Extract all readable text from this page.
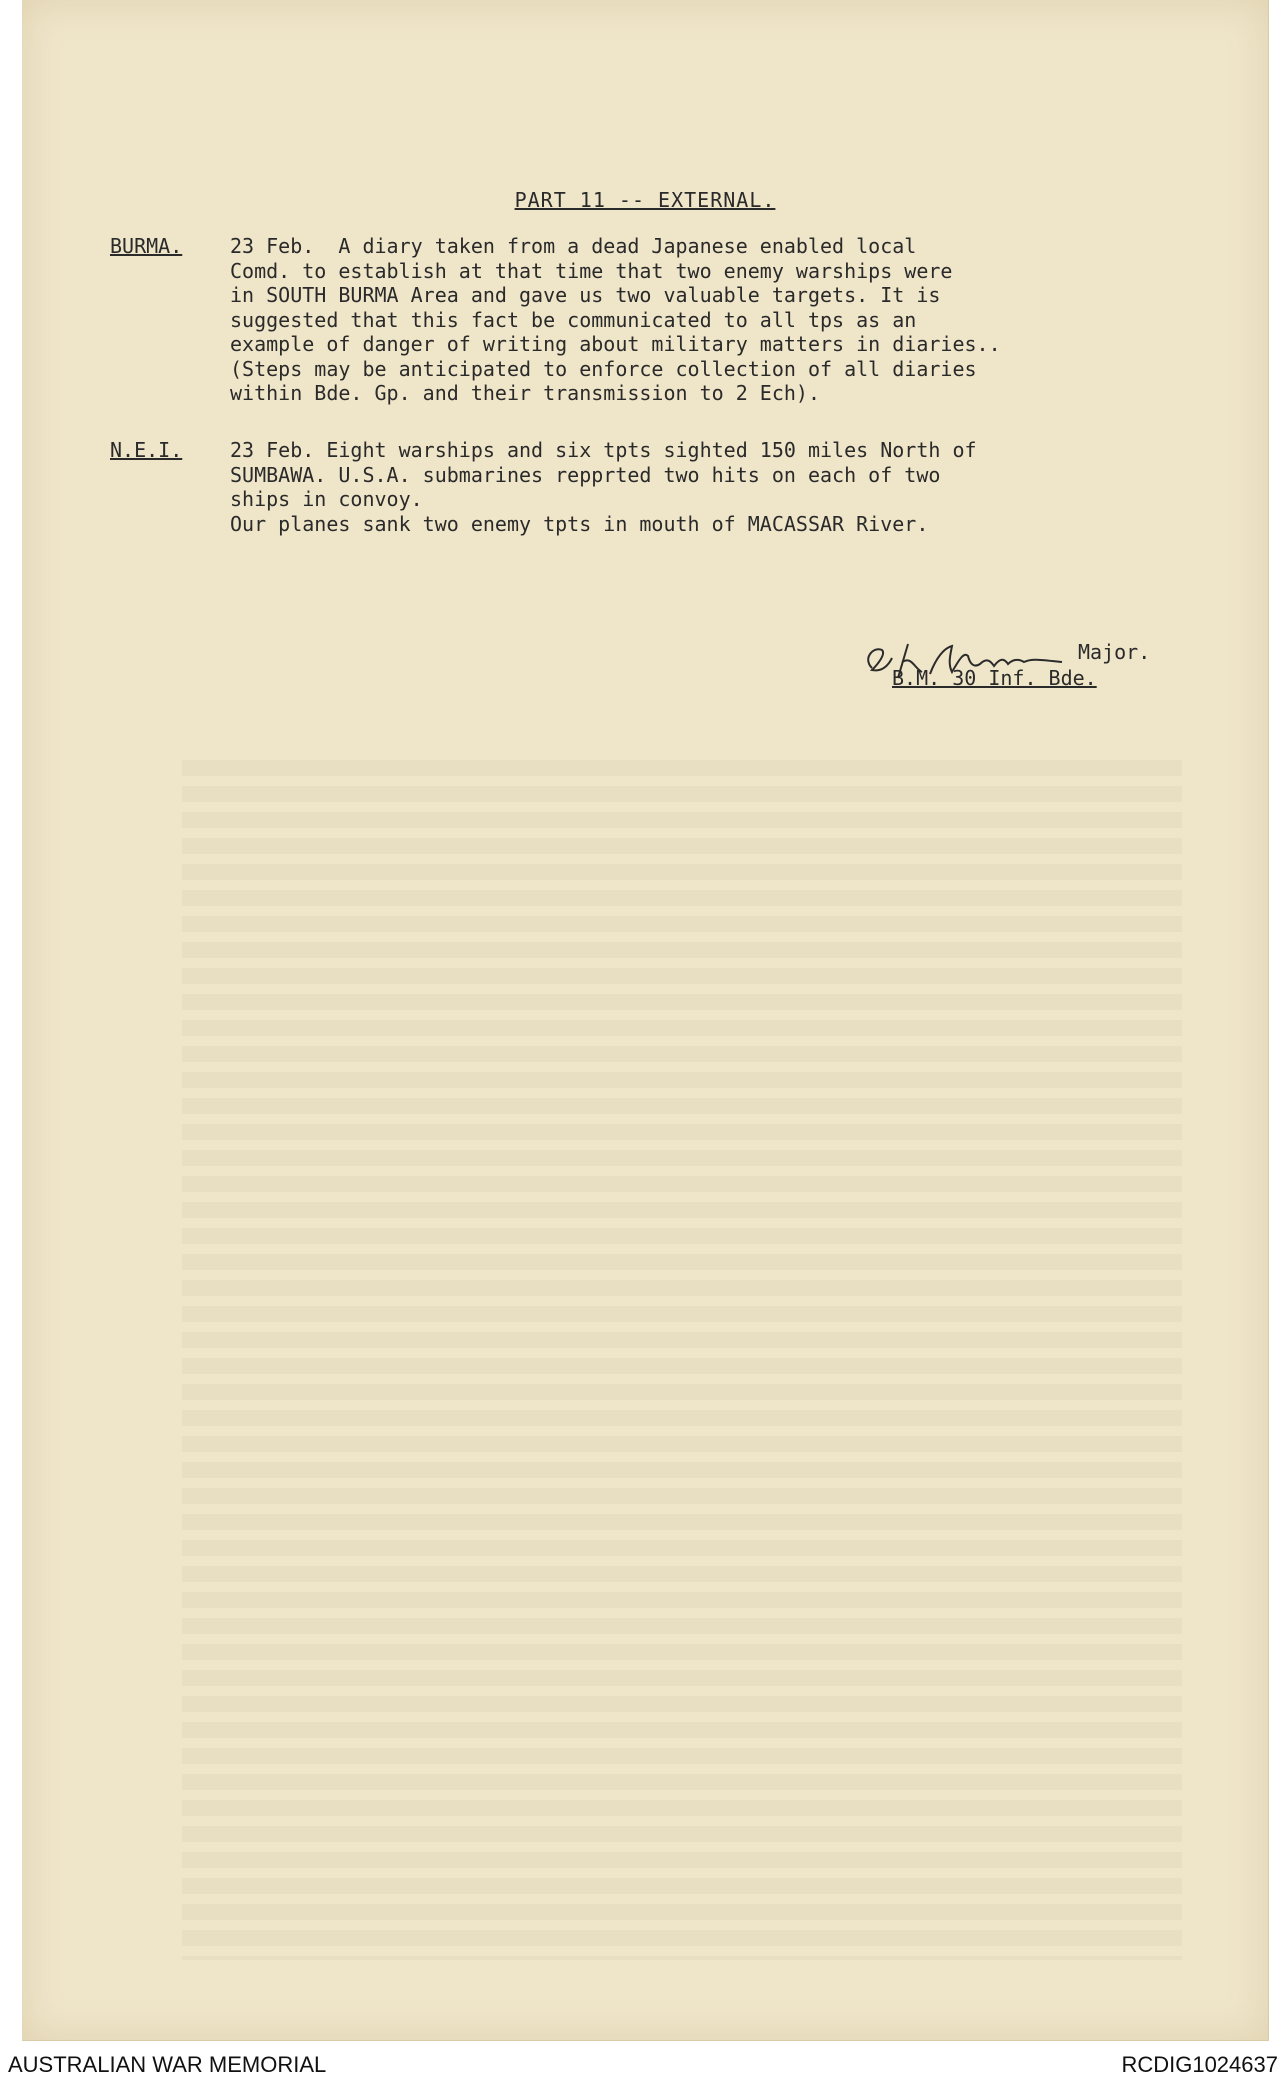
PART 11 -- EXTERNAL.
BURMA. 23 Feb.  A diary taken from a dead Japanese enabled local
Comd. to establish at that time that two enemy warships were
in SOUTH BURMA Area and gave us two valuable targets. It is
suggested that this fact be communicated to all tps as an
example of danger of writing about military matters in diaries..
(Steps may be anticipated to enforce collection of all diaries
within Bde. Gp. and their transmission to 2 Ech).
N.E.I. 23 Feb. Eight warships and six tpts sighted 150 miles North of
SUMBAWA. U.S.A. submarines repprted two hits on each of two
ships in convoy.
Our planes sank two enemy tpts in mouth of MACASSAR River.
Major.
B.M. 30 Inf. Bde.
AUSTRALIAN WAR MEMORIAL	RCDIG1024637
